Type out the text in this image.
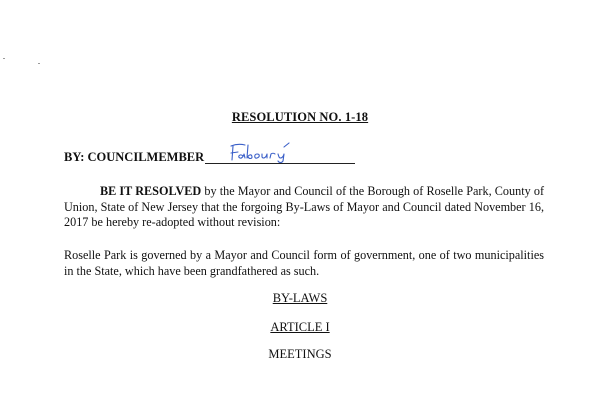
RESOLUTION NO. 1-18
BY: COUNCILMEMBER

BE IT RESOLVED by the Mayor and Council of the Borough of Roselle Park, County of Union, State of New Jersey that the forgoing By-Laws of Mayor and Council dated November 16, 2017 be hereby re-adopted without revision:

Roselle Park is governed by a Mayor and Council form of government, one of two municipalities in the State, which have been grandfathered as such.

BY-LAWS
ARTICLE I
MEETINGS
